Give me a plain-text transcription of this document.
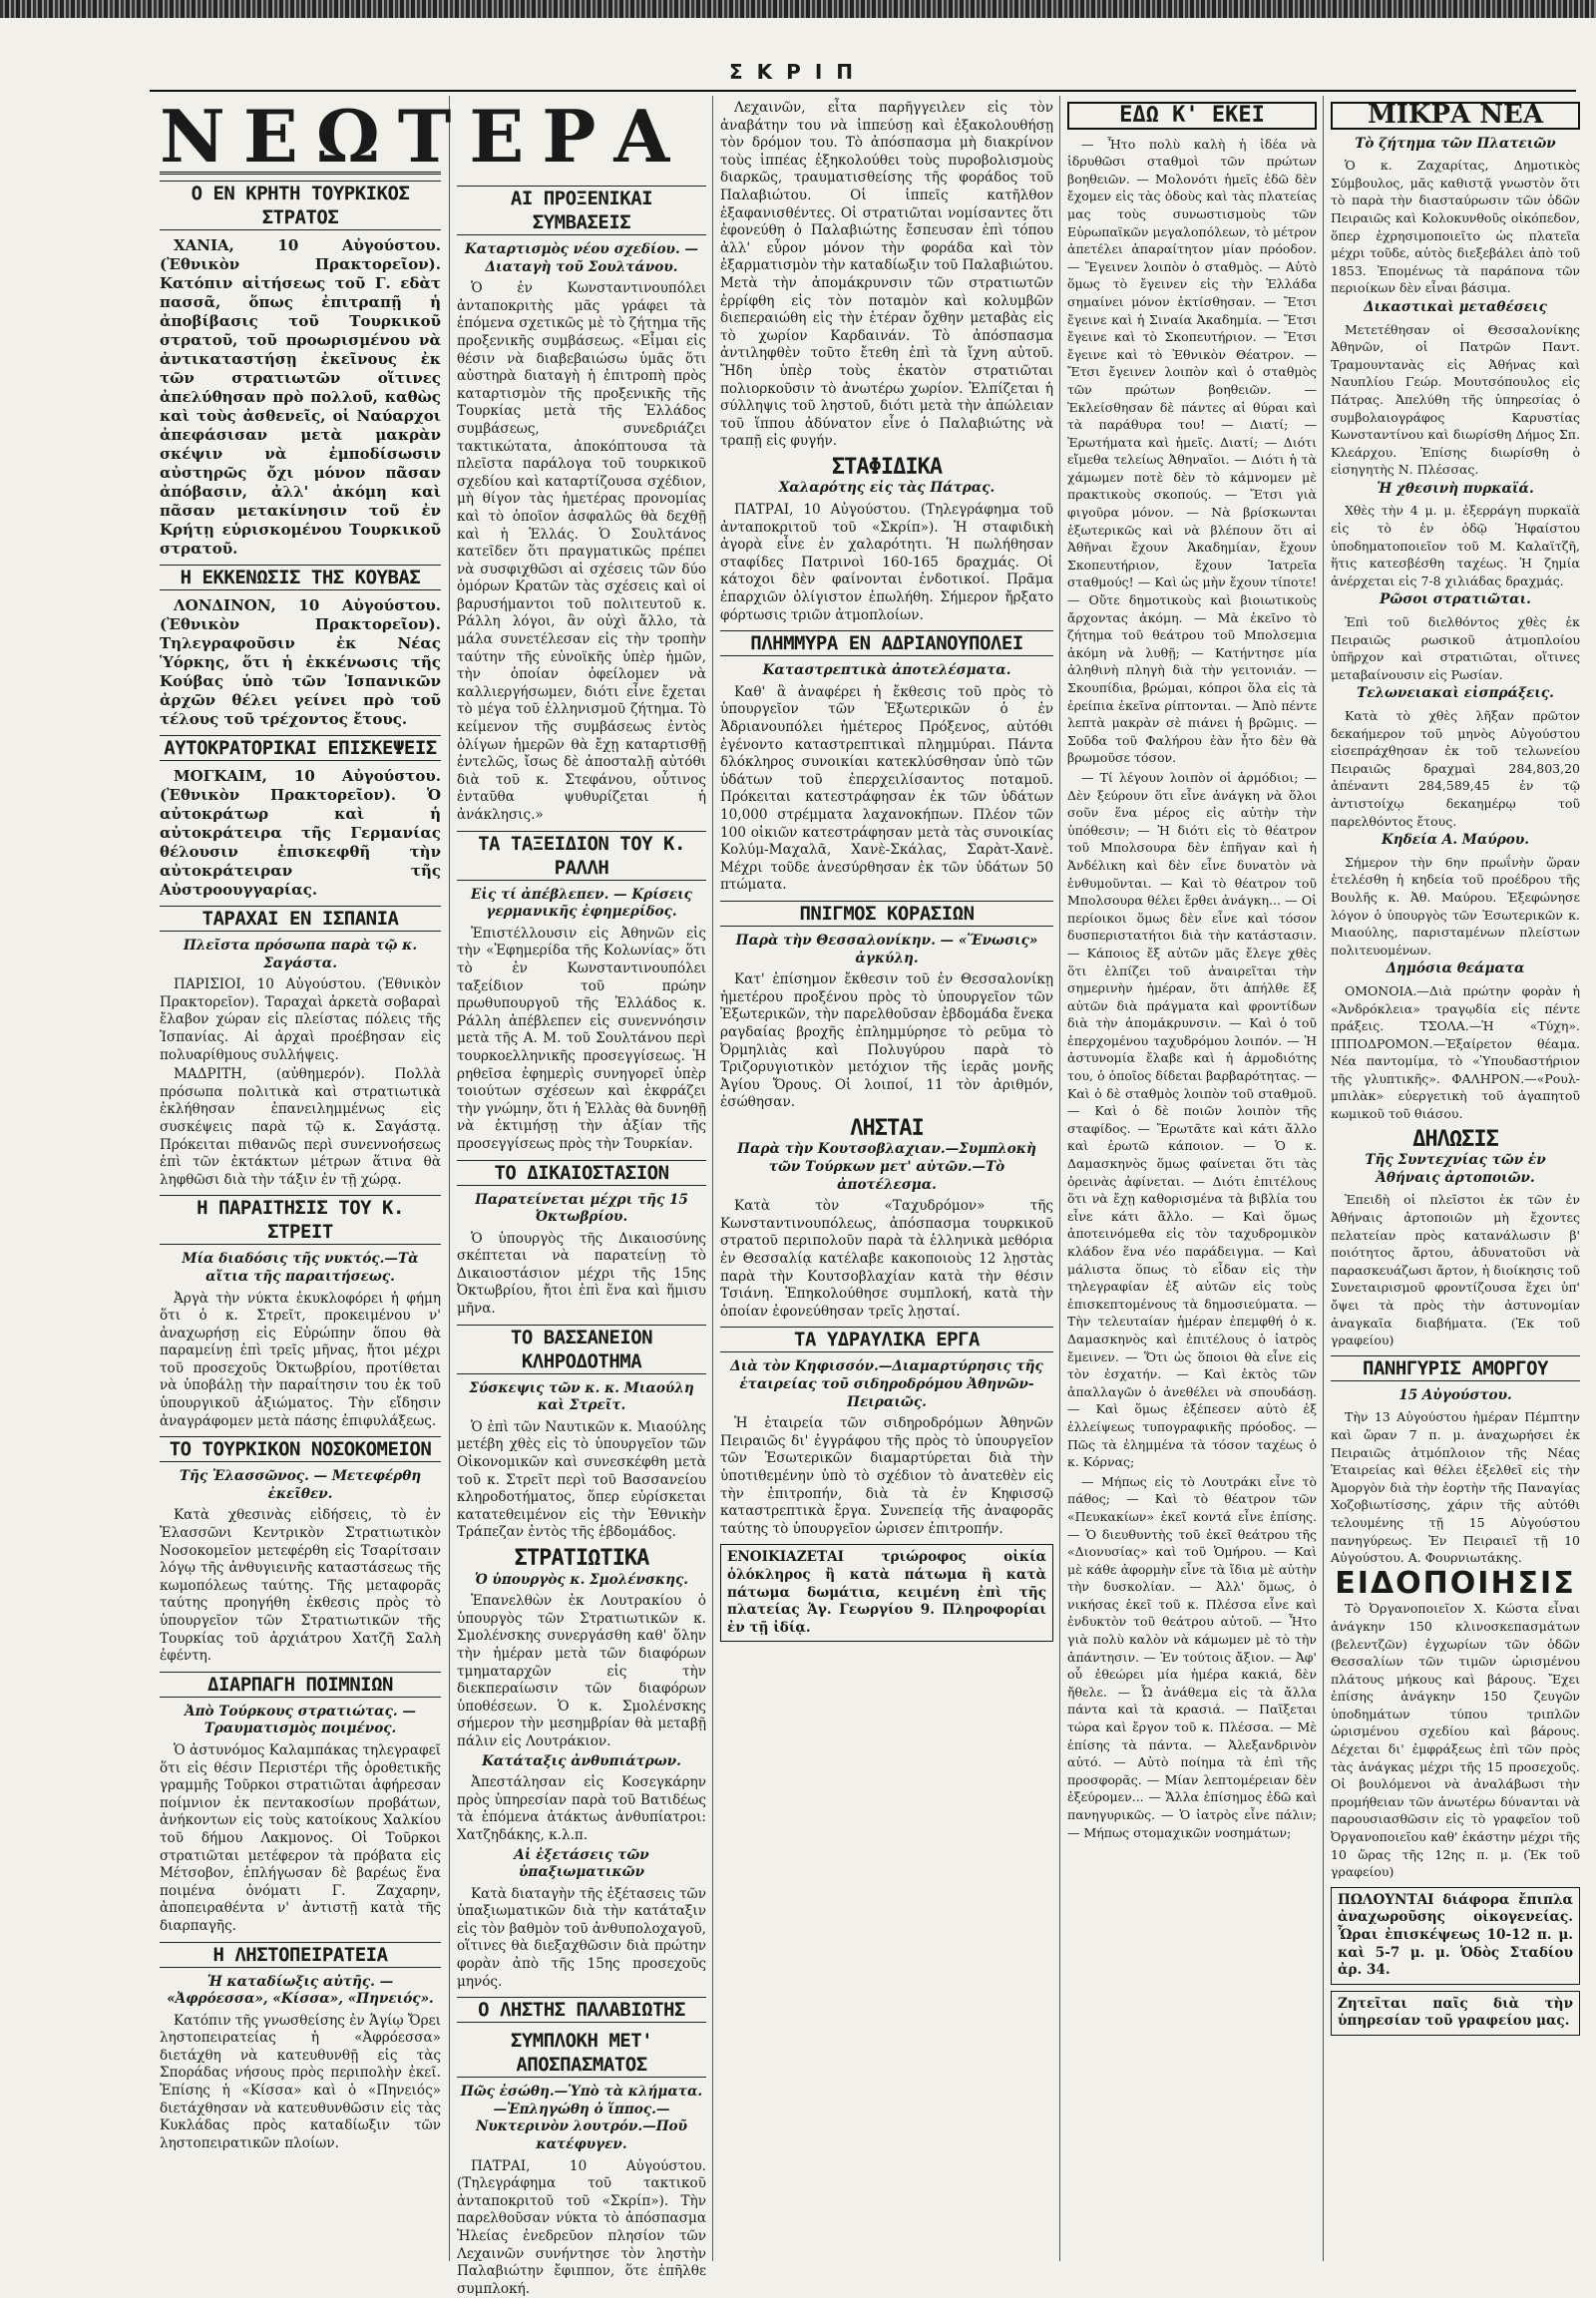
ΣΚΡΙΠ
ΝΕΩΤΕΡΑ
Ο ΕΝ ΚΡΗΤΗ ΤΟΥΡΚΙΚΟΣ ΣΤΡΑΤΟΣ

ΧΑΝΙΑ, 10 Αὐγούστου. (Ἐθνικὸν Πρακτορεῖον). Κατόπιν αἰτήσεως τοῦ Γ. εδὰτ πασσᾶ, ὅπως ἐπιτραπῇ ἡ ἀποβίβασις τοῦ Τουρκικοῦ στρατοῦ, τοῦ προωρισμένου νὰ ἀντικαταστήσῃ ἐκεῖνους ἐκ τῶν στρατιωτῶν οἵτινες ἀπελύθησαν πρὸ πολλοῦ, καθὼς καὶ τοὺς ἀσθενεῖς, οἱ Ναύαρχοι ἀπεφάσισαν μετὰ μακρὰν σκέψιν νὰ ἐμποδίσωσιν αὐστηρῶς ὄχι μόνον πᾶσαν ἀπόβασιν, ἀλλ' ἀκόμη καὶ πᾶσαν μετακίνησιν τοῦ ἐν Κρήτῃ εὑρισκομένου Τουρκικοῦ στρατοῦ.

Η ΕΚΚΕΝΩΣΙΣ ΤΗΣ ΚΟΥΒΑΣ

ΛΟΝΔΙΝΟΝ, 10 Αὐγούστου. (Ἐθνικὸν Πρακτορεῖον). Τηλεγραφοῦσιν ἐκ Νέας Ὑόρκης, ὅτι ἡ ἐκκένωσις τῆς Κούβας ὑπὸ τῶν Ἱσπανικῶν ἀρχῶν θέλει γείνει πρὸ τοῦ τέλους τοῦ τρέχοντος ἔτους.

ΑΥΤΟΚΡΑΤΟΡΙΚΑΙ ΕΠΙΣΚΕΨΕΙΣ

ΜΟΓΚΑΙΜ, 10 Αὐγούστου. (Ἐθνικὸν Πρακτορεῖον). Ὁ αὐτοκράτωρ καὶ ἡ αὐτοκράτειρα τῆς Γερμανίας θέλουσιν ἐπισκεφθῆ τὴν αὐτοκράτειραν τῆς Αὐστροουγγαρίας.

ΤΑΡΑΧΑΙ ΕΝ ΙΣΠΑΝΙΑ
Πλεῖστα πρόσωπα παρὰ τῷ κ. Σαγάστα.

ΠΑΡΙΣΙΟΙ, 10 Αὐγούστου. (Ἐθνικὸν Πρακτορεῖον). Ταραχαὶ ἀρκετὰ σοβαραὶ ἔλαβον χώραν εἰς πλείστας πόλεις τῆς Ἱσπανίας. Αἱ ἀρχαὶ προέβησαν εἰς πολυαρίθμους συλλήψεις.

ΜΑΔΡΙΤΗ, (αὐθημερόν). Πολλὰ πρόσωπα πολιτικὰ καὶ στρατιωτικὰ ἐκλήθησαν ἐπανειλημμένως εἰς συσκέψεις παρὰ τῷ κ. Σαγάστᾳ. Πρόκειται πιθανῶς περὶ συνεννοήσεως ἐπὶ τῶν ἐκτάκτων μέτρων ἅτινα θὰ ληφθῶσι διὰ τὴν τάξιν ἐν τῇ χώρᾳ.

Η ΠΑΡΑΙΤΗΣΙΣ ΤΟΥ Κ. ΣΤΡΕΙΤ
Μία διαδόσις τῆς νυκτός.—Τὰ αἴτια τῆς παραιτήσεως.

Ἀργὰ τὴν νύκτα ἐκυκλοφόρει ἡ φήμη ὅτι ὁ κ. Στρεῖτ, προκειμένου ν' ἀναχωρήσῃ εἰς Εὐρώπην ὅπου θὰ παραμείνῃ ἐπὶ τρεῖς μῆνας, ἤτοι μέχρι τοῦ προσεχοῦς Ὀκτωβρίου, προτίθεται νὰ ὑποβάλῃ τὴν παραίτησιν του ἐκ τοῦ ὑπουργικοῦ ἀξιώματος. Τὴν εἴδησιν ἀναγράφομεν μετὰ πάσης ἐπιφυλάξεως.

ΤΟ ΤΟΥΡΚΙΚΟΝ ΝΟΣΟΚΟΜΕΙΟΝ
Τῆς Ἐλασσῶνος. — Μετεφέρθη ἐκεῖθεν.

Κατὰ χθεσινὰς εἰδήσεις, τὸ ἐν Ἐλασσῶνι Κεντρικὸν Στρατιωτικὸν Νοσοκομεῖον μετεφέρθη εἰς Τσαρίτσαιν λόγῳ τῆς ἀνθυγιεινῆς καταστάσεως τῆς κωμοπόλεως ταύτης. Τῆς μεταφορᾶς ταύτης προηγήθη ἐκθεσις πρὸς τὸ ὑπουργεῖον τῶν Στρατιωτικῶν τῆς Τουρκίας τοῦ ἀρχιάτρου Χατζῆ Σαλὴ ἐφέντη.

ΔΙΑΡΠΑΓΗ ΠΟΙΜΝΙΩΝ
Ἀπὸ Τούρκους στρατιώτας. — Τραυματισμὸς ποιμένος.

Ὁ ἀστυνόμος Καλαμπάκας τηλεγραφεῖ ὅτι εἰς θέσιν Περιστέρι τῆς ὁροθετικῆς γραμμῆς Τοῦρκοι στρατιῶται ἀφήρεσαν ποίμνιον ἐκ πεντακοσίων προβάτων, ἀνήκοντων εἰς τοὺς κατοίκους Χαλκίου τοῦ δήμου Λακμονος. Οἱ Τοῦρκοι στρατιῶται μετέφερον τὰ πρόβατα εἰς Μέτσοβον, ἐπλήγωσαν δὲ βαρέως ἕνα ποιμένα ὀνόματι Γ. Ζαχαρην, ἀποπειραθέντα ν' ἀντιστῇ κατὰ τῆς διαρπαγῆς.

Η ΛΗΣΤΟΠΕΙΡΑΤΕΙΑ
Ἡ καταδίωξις αὐτῆς. — «Ἀφρόεσσα», «Κίσσα», «Πηνειός».

Κατόπιν τῆς γνωσθείσης ἐν Ἁγίῳ Ὄρει ληστοπειρατείας ἡ «Ἀφρόεσσα» διετάχθη νὰ κατευθυνθῇ εἰς τὰς Σποράδας νήσους πρὸς περιπολὴν ἐκεῖ. Ἐπίσης ἡ «Κίσσα» καὶ ὁ «Πηνειός» διετάχθησαν νὰ κατευθυνθῶσιν εἰς τὰς Κυκλάδας πρὸς καταδίωξιν τῶν ληστοπειρατικῶν πλοίων.

ΑΙ ΠΡΟΞΕΝΙΚΑΙ ΣΥΜΒΑΣΕΙΣ
Καταρτισμὸς νέου σχεδίου. — Διαταγὴ τοῦ Σουλτάνου.

Ὁ ἐν Κωνσταντινουπόλει ἀνταποκριτὴς μᾶς γράφει τὰ ἑπόμενα σχετικῶς μὲ τὸ ζήτημα τῆς προξενικῆς συμβάσεως. «Εἶμαι εἰς θέσιν νὰ διαβεβαιώσω ὑμᾶς ὅτι αὐστηρὰ διαταγὴ ἡ ἐπιτροπὴ πρὸς καταρτισμὸν τῆς προξενικῆς τῆς Τουρκίας μετὰ τῆς Ἑλλάδος συμβάσεως, συνεδριάζει τακτικώτατα, ἀποκόπτουσα τὰ πλεῖστα παράλογα τοῦ τουρκικοῦ σχεδίου καὶ καταρτίζουσα σχέδιον, μὴ θίγον τὰς ἡμετέρας προνομίας καὶ τὸ ὁποῖον ἀσφαλῶς θὰ δεχθῇ καὶ ἡ Ἑλλάς. Ὁ Σουλτάνος κατεῖδεν ὅτι πραγματικῶς πρέπει νὰ συσφιχθῶσι αἱ σχέσεις τῶν δύο ὁμόρων Κρατῶν τὰς σχέσεις καὶ οἱ βαρυσήμαντοι τοῦ πολιτευτοῦ κ. Ράλλη λόγοι, ἂν οὐχὶ ἄλλο, τὰ μάλα συνετέλεσαν εἰς τὴν τροπὴν ταύτην τῆς εὐνοϊκῆς ὑπὲρ ἡμῶν, τὴν ὁποίαν ὀφείλομεν νὰ καλλιεργήσωμεν, διότι εἶνε ἔχεται τὸ μέγα τοῦ ἑλληνισμοῦ ζήτημα. Τὸ κείμενον τῆς συμβάσεως ἐντὸς ὀλίγων ἡμερῶν θὰ ἔχῃ καταρτισθῇ ἐντελῶς, ἴσως δὲ ἀποσταλῇ αὐτόθι διὰ τοῦ κ. Στεφάνου, οὗτινος ἐνταῦθα ψυθυρίζεται ἡ ἀνάκλησις.»

ΤΑ ΤΑΞΕΙΔΙΟΝ ΤΟΥ Κ. ΡΑΛΛΗ
Εἰς τί ἀπέβλεπεν. — Κρίσεις γερμανικῆς ἐφημερίδος.

Ἐπιστέλλουσιν εἰς Ἀθηνῶν εἰς τὴν «Ἐφημερίδα τῆς Κολωνίας» ὅτι τὸ ἐν Κωνσταντινουπόλει ταξείδιον τοῦ πρώην πρωθυπουργοῦ τῆς Ἑλλάδος κ. Ράλλη ἀπέβλεπεν εἰς συνεννόησιν μετὰ τῆς Α. Μ. τοῦ Σουλτάνου περὶ τουρκοελληνικῆς προσεγγίσεως. Ἡ ρηθεῖσα ἐφημερὶς συνηγορεῖ ὑπὲρ τοιούτων σχέσεων καὶ ἐκφράζει τὴν γνώμην, ὅτι ἡ Ἑλλὰς θὰ δυνηθῇ νὰ ἐκτιμήσῃ τὴν ἀξίαν τῆς προσεγγίσεως πρὸς τὴν Τουρκίαν.

ΤΟ ΔΙΚΑΙΟΣΤΑΣΙΟΝ
Παρατείνεται μέχρι τῆς 15 Ὀκτωβρίου.

Ὁ ὑπουργὸς τῆς Δικαιοσύνης σκέπτεται νὰ παρατείνῃ τὸ Δικαιοστάσιον μέχρι τῆς 15ης Ὀκτωβρίου, ἤτοι ἐπὶ ἕνα καὶ ἥμισυ μῆνα.

ΤΟ ΒΑΣΣΑΝΕΙΟΝ ΚΛΗΡΟΔΟΤΗΜΑ
Σύσκεψις τῶν κ. κ. Μιαούλη καὶ Στρεῖτ.

Ὁ ἐπὶ τῶν Ναυτικῶν κ. Μιαούλης μετέβη χθὲς εἰς τὸ ὑπουργεῖον τῶν Οἰκονομικῶν καὶ συνεσκέφθη μετὰ τοῦ κ. Στρεῖτ περὶ τοῦ Βασσανείου κληροδοτήματος, ὅπερ εὑρίσκεται κατατεθειμένον εἰς τὴν Ἐθνικὴν Τράπεζαν ἐντὸς τῆς ἑβδομάδος.

ΣΤΡΑΤΙΩΤΙΚΑ
Ὁ ὑπουργὸς κ. Σμολένσκης.

Ἐπανελθὼν ἐκ Λουτρακίου ὁ ὑπουργὸς τῶν Στρατιωτικῶν κ. Σμολένσκης συνεργάσθη καθ' ὅλην τὴν ἡμέραν μετὰ τῶν διαφόρων τμηματαρχῶν εἰς τὴν διεκπεραίωσιν τῶν διαφόρων ὑποθέσεων. Ὁ κ. Σμολένσκης σήμερον τὴν μεσημβρίαν θὰ μεταβῇ πάλιν εἰς Λουτράκιον.

Κατάταξις ἀνθυπιάτρων.

Ἀπεστάλησαν εἰς Κοσεγκάρην πρὸς ὑπηρεσίαν παρὰ τοῦ Βατιδέως τὰ ἑπόμενα ἀτάκτως ἀνθυπίατροι: Χατζηδάκης, κ.λ.π.

Αἱ ἐξετάσεις τῶν ὑπαξιωματικῶν

Κατὰ διαταγὴν τῆς ἐξέτασεις τῶν ὑπαξιωματικῶν διὰ τὴν κατάταξιν εἰς τὸν βαθμὸν τοῦ ἀνθυπολοχαγοῦ, οἵτινες θὰ διεξαχθῶσιν διὰ πρώτην φορὰν ἀπὸ τῆς 15ης προσεχοῦς μηνός.

Ο ΛΗΣΤΗΣ ΠΑΛΑΒΙΩΤΗΣ
ΣΥΜΠΛΟΚΗ ΜΕΤ' ΑΠΟΣΠΑΣΜΑΤΟΣ
Πῶς ἐσώθη.—Ὑπὸ τὰ κλήματα.—Ἐπληγώθη ὁ ἵππος.—Νυκτερινὸν λουτρόν.—Ποῦ κατέφυγεν.

ΠΑΤΡΑΙ, 10 Αὐγούστου. (Τηλεγράφημα τοῦ τακτικοῦ ἀνταποκριτοῦ τοῦ «Σκρίπ»). Τὴν παρελθοῦσαν νύκτα τὸ ἀπόσπασμα Ἡλείας ἐνεδρεῦον πλησίον τῶν Λεχαινῶν συνήντησε τὸν ληστὴν Παλαβιώτην ἔφιππον, ὅτε ἐπῆλθε συμπλοκή.

Λεχαινῶν, εἶτα παρῆγγειλεν εἰς τὸν ἀναβάτην του νὰ ἱππεύσῃ καὶ ἐξακολουθήσῃ τὸν δρόμον του. Τὸ ἀπόσπασμα μὴ διακρίνον τοὺς ἱππέας ἐξηκολούθει τοὺς πυροβολισμοὺς διαρκῶς, τραυματισθείσης τῆς φοράδος τοῦ Παλαβιώτου. Οἱ ἱππεῖς κατῆλθον ἐξαφανισθέντες. Οἱ στρατιῶται νομίσαντες ὅτι ἐφονεύθη ὁ Παλαβιώτης ἔσπευσαν ἐπὶ τόπου ἀλλ' εὗρον μόνον τὴν φοράδα καὶ τὸν ἐξαρματισμὸν τὴν καταδίωξιν τοῦ Παλαβιώτου. Μετὰ τὴν ἀπομάκρυνσιν τῶν στρατιωτῶν ἐρρίφθη εἰς τὸν ποταμὸν καὶ κολυμβῶν διεπεραιώθη εἰς τὴν ἑτέραν ὄχθην μεταβὰς εἰς τὸ χωρίον Καρδαινάν. Τὸ ἀπόσπασμα ἀντιληφθὲν τοῦτο ἔτεθη ἐπὶ τὰ ἴχνη αὐτοῦ. Ἤδη ὑπὲρ τοὺς ἑκατὸν στρατιῶται πολιορκοῦσιν τὸ ἀνωτέρω χωρίον. Ἐλπίζεται ἡ σύλληψις τοῦ ληστοῦ, διότι μετὰ τὴν ἀπώλειαν τοῦ ἵππου ἀδύνατον εἶνε ὁ Παλαβιώτης νὰ τραπῇ εἰς φυγήν.

ΣΤΑΦΙΔΙΚΑ
Χαλαρότης εἰς τὰς Πάτρας.

ΠΑΤΡΑΙ, 10 Αὐγούστου. (Τηλεγράφημα τοῦ ἀνταποκριτοῦ τοῦ «Σκρίπ»). Ἡ σταφιδικὴ ἀγορὰ εἶνε ἐν χαλαρότητι. Ἡ πωλήθησαν σταφίδες Πατρινοὶ 160-165 δραχμάς. Οἱ κάτοχοι δὲν φαίνονται ἐνδοτικοί. Πρᾶμα ἐπαρχιῶν ὀλίγιστον ἐπωλήθη. Σήμερον ἤρξατο φόρτωσις τριῶν ἀτμοπλοίων.

ΠΛΗΜΜΥΡΑ ΕΝ ΑΔΡΙΑΝΟΥΠΟΛΕΙ
Καταστρεπτικὰ ἀποτελέσματα.

Καθ' ἃ ἀναφέρει ἡ ἔκθεσις τοῦ πρὸς τὸ ὑπουργεῖον τῶν Ἐξωτερικῶν ὁ ἐν Ἀδριανουπόλει ἡμέτερος Πρόξενος, αὐτόθι ἐγένοντο καταστρεπτικαὶ πλημμύραι. Πάντα δλόκληρος συνοικίαι κατεκλύσθησαν ὑπὸ τῶν ὑδάτων τοῦ ἐπερχειλίσαντος ποταμοῦ. Πρόκειται κατεστράφησαν ἐκ τῶν ὑδάτων 10,000 στρέμματα λαχανοκήπων. Πλέον τῶν 100 οἰκιῶν κατεστράφησαν μετὰ τὰς συνοικίας Κολύμ-Μαχαλᾶ, Χανὲ-Σκάλας, Σαρὰτ-Χανὲ. Μέχρι τοῦδε ἀνεσύρθησαν ἐκ τῶν ὑδάτων 50 πτώματα.

ΠΝΙΓΜΟΣ ΚΟΡΑΣΙΩΝ
Παρὰ τὴν Θεσσαλονίκην. — «Ἕνωσις» ἀγκύλη.

Κατ' ἐπίσημον ἔκθεσιν τοῦ ἐν Θεσσαλονίκῃ ἡμετέρου προξένου πρὸς τὸ ὑπουργεῖον τῶν Ἐξωτερικῶν, τὴν παρελθοῦσαν ἑβδομάδα ἕνεκα ραγδαίας βροχῆς ἐπλημμύρησε τὸ ρεῦμα τὸ Ὀρμηλιὰς καὶ Πολυγύρου παρὰ τὸ Τριζορυγιοτικὸν μετόχιον τῆς ἱερᾶς μονῆς Ἀγίου Ὄρους. Οἱ λοιποί, 11 τὸν ἀριθμόν, ἐσώθησαν.

ΛΗΣΤΑΙ
Παρὰ τὴν Κουτσοβλαχιαν.—Συμπλοκὴ τῶν Τούρκων μετ' αὐτῶν.—Τὸ ἀποτέλεσμα.

Κατὰ τὸν «Ταχυδρόμον» τῆς Κωνσταντινουπόλεως, ἀπόσπασμα τουρκικοῦ στρατοῦ περιπολοῦν παρὰ τὰ ἑλληνικὰ μεθόρια ἐν Θεσσαλίᾳ κατέλαβε κακοποιοὺς 12 λῃστὰς παρὰ τὴν Κουτσοβλαχίαν κατὰ τὴν θέσιν Τσιάνη. Ἐπηκολούθησε συμπλοκή, κατὰ τὴν ὁποίαν ἐφονεύθησαν τρεῖς λῃσταί.

ΤΑ ΥΔΡΑΥΛΙΚΑ ΕΡΓΑ
Διὰ τὸν Κηφισσόν.—Διαμαρτύρησις τῆς ἑταιρείας τοῦ σιδηροδρόμου Ἀθηνῶν-Πειραιῶς.

Ἡ ἑταιρεία τῶν σιδηροδρόμων Ἀθηνῶν Πειραιῶς δι' ἐγγράφου τῆς πρὸς τὸ ὑπουργεῖον τῶν Ἐσωτερικῶν διαμαρτύρεται διὰ τὴν ὑποτιθεμένην ὑπὸ τὸ σχέδιον τὸ ἀνατεθὲν εἰς τὴν ἐπιτροπήν, διὰ τὰ ἐν Κηφισσῷ καταστρεπτικὰ ἔργα. Συνεπείᾳ τῆς ἀναφορᾶς ταύτης τὸ ὑπουργεῖον ὡρισεν ἐπιτροπήν.

ΕΝΟΙΚΙΑΖΕΤΑΙ τριώροφος οἰκία ὁλόκληρος ἢ κατὰ πάτωμα ἢ κατὰ πάτωμα δωμάτια, κειμένη ἐπὶ τῆς πλατείας Ἁγ. Γεωργίου 9. Πληροφορίαι ἐν τῇ ἰδίᾳ.
ΕΔΩ Κ' ΕΚΕΙ

— Ἦτο πολὺ καλὴ ἡ ἰδέα νὰ ἱδρυθῶσι σταθμοὶ τῶν πρώτων βοηθειῶν. — Μολονότι ἡμεῖς ἐδῶ δὲν ἔχομεν εἰς τὰς ὁδοὺς καὶ τὰς πλατείας μας τοὺς συνωστισμοὺς τῶν Εὐρωπαϊκῶν μεγαλοπόλεων, τὸ μέτρον ἀπετέλει ἀπαραίτητον μίαν πρόοδον. — Ἔγεινεν λοιπὸν ὁ σταθμὸς. — Αὐτὸ ὅμως τὸ ἔγεινεν εἰς τὴν Ἑλλάδα σημαίνει μόνον ἐκτίσθησαν. — Ἔτσι ἔγεινε καὶ ἡ Σιναία Ἀκαδημία. — Ἔτσι ἔγεινε καὶ τὸ Σκοπευτήριον. — Ἔτσι ἔγεινε καὶ τὸ Ἐθνικὸν Θέατρον. — Ἔτσι ἔγεινεν λοιπὸν καὶ ὁ σταθμὸς τῶν πρώτων βοηθειῶν. — Ἐκλείσθησαν δὲ πάντες αἱ θύραι καὶ τὰ παράθυρα του! — Διατί; — Ἐρωτήματα καὶ ἡμεῖς. Διατί; — Διότι εἴμεθα τελείως Ἀθηναῖοι. — Διότι ἡ τὰ χάμωμεν ποτὲ δὲν τὸ κάμνομεν μὲ πρακτικοὺς σκοπούς. — Ἔτσι γιὰ φιγοῦρα μόνον. — Νὰ βρίσκωνται ἐξωτερικῶς καὶ νὰ βλέπουν ὅτι αἱ Ἀθῆναι ἔχουν Ἀκαδημίαν, ἔχουν Σκοπευτήριον, ἔχουν Ἰατρεῖα σταθμούς! — Καὶ ὡς μὴν ἔχουν τίποτε! — Οὔτε δημοτικοὺς καὶ βιοιωτικοὺς ἄρχοντας ἀκόμη. — Μὰ ἐκεῖνο τὸ ζήτημα τοῦ θεάτρου τοῦ Μπολσεμια ἀκόμη νὰ λυθῇ; — Κατήντησε μία ἀληθινὴ πληγὴ διὰ τὴν γειτονιάν. — Σκουπίδια, βρώμαι, κόπροι ὅλα εἰς τὰ ἐρείπια ἐκεῖνα ρίπτονται. — Ἀπὸ πέντε λεπτὰ μακρὰν σὲ πιάνει ἡ βρῶμις. — Σοῦδα τοῦ Φαλήρου ἐὰν ἦτο δὲν θὰ βρωμοῦσε τόσον.

— Τί λέγουν λοιπὸν οἱ ἁρμόδιοι; — Δὲν ξεύρουν ὅτι εἶνε ἀνάγκη νὰ ὅλοι σοῦν ἕνα μέρος εἰς αὐτὴν τὴν ὑπόθεσιν; — Ἡ διότι εἰς τὸ θέατρον τοῦ Μπολσουρα δὲν ἐπῆγαν καὶ ἡ Ἀνδέλικη καὶ δὲν εἶνε δυνατὸν νὰ ἐνθυμοῦνται. — Καὶ τὸ θέατρον τοῦ Μπολσουρα θέλει ἔρθει ἀνάγκη... — Οἱ περίοικοι ὅμως δὲν εἶνε καὶ τόσον δυσπεριστατήτοι διὰ τὴν κατάστασιν. — Κάποιος ἔξ αὐτῶν μᾶς ἔλεγε χθὲς ὅτι ἐλπίζει τοῦ ἀναιρεῖται τὴν σημερινὴν ἡμέραν, ὅτι ἀπήλθε ἔξ αὐτῶν διὰ πράγματα καὶ φροντίδων διὰ τὴν ἀπομάκρυνσιν. — Καὶ ὁ τοῦ ἐπερχομένου ταχυδρόμου λοιπόν. — Ἡ ἀστυνομία ἔλαβε καὶ ἡ ἁρμοδιότης του, ὁ ὁποῖος δίδεται βαρβαρότητας. — Καὶ ὁ δὲ σταθμὸς λοιπὸν τοῦ σταθμοῦ. — Καὶ ὁ δὲ ποιῶν λοιπὸν τῆς σταφίδος. — Ἔρωτᾶτε καὶ κάτι ἄλλο καὶ ἐρωτῶ κάποιον. — Ὁ κ. Δαμασκηνὸς ὅμως φαίνεται ὅτι τὰς ὀρεινὰς ἀφίνεται. — Διότι ἐπιτέλους ὅτι νὰ ἔχῃ καθορισμένα τὰ βιβλία του εἶνε κάτι ἄλλο. — Καὶ ὅμως ἀποτεινόμεθα εἰς τὸν ταχυδρομικὸν κλάδον ἕνα νέο παράδειγμα. — Καὶ μάλιστα ὅπως τὸ εἶδαν εἰς τὴν τηλεγραφίαν ἐξ αὐτῶν εἰς τοὺς ἐπισκεπτομένους τὰ δημοσιεύματα. — Τὴν τελευταίαν ἡμέραν ἐπεμφθή ὁ κ. Δαμασκηνὸς καὶ ἐπιτέλους ὁ ἰατρὸς ἔμεινεν. — Ὅτι ὡς ὅποιοι θὰ εἶνε εἰς τὸν ἐσχατήν. — Καὶ ἐκτὸς τῶν ἀπαλλαγῶν ὁ ἀνεθέλει νὰ σπουδάσῃ. — Καὶ ὅμως ἐξέπεσεν αὐτὸ ἐξ ἐλλείψεως τυπογραφικῆς πρόοδος. — Πῶς τὰ ἐλημμένα τὰ τόσον ταχέως ὁ κ. Κόρνας;

— Μήπως εἰς τὸ Λουτράκι εἶνε τὸ πάθος; — Καὶ τὸ θέατρον τῶν «Πευκακίων» ἐκεῖ κοντά εἶνε ἐπίσης. — Ὁ διευθυντὴς τοῦ ἐκεῖ θεάτρου τῆς «Διονυσίας» καὶ τοῦ Ὁμήρου. — Καὶ μὲ κάθε ἀφορμὴν εἶνε τὰ ἴδια μὲ αὐτὴν τὴν δυσκολίαν. — Ἀλλ' ὅμως, ὁ νικήσας ἐκεῖ τοῦ κ. Πλέσσα εἶνε καὶ ἐνδυκτὸν τοῦ θεάτρου αὐτοῦ. — Ἦτο γιὰ πολὺ καλὸν νὰ κάμωμεν μὲ τὸ τὴν ἀπάντησιν. — Ἐν τούτοις ἄξιον. — Ἀφ' οὗ ἐθεώρει μία ἡμέρα κακιά, δὲν ἤθελε. — Ὦ ἀνάθεμα εἰς τὰ ἄλλα πάντα καὶ τὰ κρασιά. — Παῖξεται τώρα καὶ ἔργον τοῦ κ. Πλέσσα. — Μὲ ἐπίσης τὰ πάντα. — Ἀλεξανδρινὸν αὐτό. — Αὐτὸ ποίημα τὰ ἐπὶ τῆς προσφορᾶς. — Μίαν λεπτομέρειαν δὲν ἐξεύρομεν... — Ἄλλα ἐπίσημος ἐδῶ καὶ πανηγυρικῶς. — Ὁ ἰατρὸς εἶνε πάλιν; — Μήπως στομαχικῶν νοσημάτων;

ΜΙΚΡΑ ΝΕΑ
Τὸ ζήτημα τῶν Πλατειῶν

Ὁ κ. Ζαχαρίτας, Δημοτικὸς Σύμβουλος, μᾶς καθιστᾷ γνωστὸν ὅτι τὸ παρὰ τὴν διασταύρωσιν τῶν ὁδῶν Πειραιῶς καὶ Κολοκυνθοῦς οἰκόπεδον, ὅπερ ἐχρησιμοποιεῖτο ὡς πλατεῖα μέχρι τοῦδε, αὐτὸς διεξεβάλει ἀπὸ τοῦ 1853. Ἐπομένως τὰ παράπονα τῶν περιοίκων δὲν εἶναι βάσιμα.

Δικαστικαὶ μεταθέσεις

Μετετέθησαν οἱ Θεσσαλονίκης Ἀθηνῶν, οἱ Πατρῶν Παντ. Τραμουντανὰς εἰς Ἀθήνας καὶ Ναυπλίου Γεώρ. Μουτσόπουλος εἰς Πάτρας. Ἀπελύθη τῆς ὑπηρεσίας ὁ συμβολαιογράφος Καρυστίας Κωνσταντίνου καὶ διωρίσθη Δήμος Σπ. Κλεάρχου. Ἐπίσης διωρίσθη ὁ εἰσηγητὴς Ν. Πλέσσας.

Ἡ χθεσινὴ πυρκαϊά.

Χθὲς τὴν 4 μ. μ. ἐξερράγη πυρκαϊὰ εἰς τὸ ἐν ὁδῷ Ἡφαίστου ὑποδηματοποιεῖον τοῦ Μ. Καλαϊτζῆ, ἥτις κατεσβέσθη ταχέως. Ἡ ζημία ἀνέρχεται εἰς 7-8 χιλιάδας δραχμάς.

Ρῶσοι στρατιῶται.

Ἐπὶ τοῦ διελθόντος χθὲς ἐκ Πειραιῶς ρωσικοῦ ἀτμοπλοίου ὑπῆρχον καὶ στρατιῶται, οἵτινες μεταβαίνουσιν εἰς Ρωσίαν.

Τελωνειακαὶ εἰσπράξεις.

Κατὰ τὸ χθὲς λῆξαν πρῶτον δεκαήμερον τοῦ μηνὸς Αὐγούστου εἰσεπράχθησαν ἐκ τοῦ τελωνείου Πειραιῶς δραχμαὶ 284,803,20 ἀπέναντι 284,589,45 ἐν τῷ ἀντιστοίχῳ δεκαημέρῳ τοῦ παρελθόντος ἔτους.

Κηδεία Α. Μαύρου.

Σήμερον τὴν 6ην πρωΐνὴν ὥραν ἐτελέσθη ἡ κηδεία τοῦ προέδρου τῆς Βουλῆς κ. Ἀθ. Μαύρου. Ἐξεφώνησε λόγον ὁ ὑπουργὸς τῶν Ἐσωτερικῶν κ. Μιαούλης, παρισταμένων πλείστων πολιτευομένων.

Δημόσια θεάματα

ΟΜΟΝΟΙΑ.—Διὰ πρώτην φορὰν ἡ «Ἀνδρόκλεια» τραγῳδία εἰς πέντε πράξεις. ΤΣΟΛΑ.—Ἡ «Τύχη». ΙΠΠΟΔΡΟΜΟΝ.—Ἐξαίρετον θέαμα. Νέα παντομίμα, τὸ «Ὑπουδαστήριον τῆς γλυπτικῆς». ΦΑΛΗΡΟΝ.—«Ρουλ-μπιλὰκ» εὐεργετικὴ τοῦ ἀγαπητοῦ κωμικοῦ τοῦ θιάσου.

ΔΗΛΩΣΙΣ
Τῆς Συντεχνίας τῶν ἐν Ἀθήναις ἀρτοποιῶν.

Ἐπειδὴ οἱ πλεῖστοι ἐκ τῶν ἐν Ἀθήναις ἀρτοποιῶν μὴ ἔχοντες πελατείαν πρὸς κατανάλωσιν β' ποιότητος ἄρτου, ἀδυνατοῦσι νὰ παρασκευάζωσι ἄρτον, ἡ διοίκησις τοῦ Συνεταιρισμοῦ φροντίζουσα ἔχει ὑπ' ὄψει τὰ πρὸς τὴν ἀστυνομίαν ἀναγκαῖα διαβήματα. (Ἐκ τοῦ γραφείου)

ΠΑΝΗΓΥΡΙΣ ΑΜΟΡΓΟΥ
15 Αὐγούστου.

Τὴν 13 Αὐγούστου ἡμέραν Πέμπτην καὶ ὥραν 7 π. μ. ἀναχωρήσει ἐκ Πειραιῶς ἀτμόπλοιον τῆς Νέας Ἑταιρείας καὶ θέλει ἐξελθεῖ εἰς τὴν Ἀμοργὸν διὰ τὴν ἑορτὴν τῆς Παναγίας Χοζοβιωτίσσης, χάριν τῆς αὐτόθι τελουμένης τῇ 15 Αὐγούστου πανηγύρεως. Ἐν Πειραιεῖ τῇ 10 Αὐγούστου. Α. Φουρνιωτάκης.

ΕΙΔΟΠΟΙΗΣΙΣ

Τὸ Ὀργανοποιεῖον Χ. Κώστα εἶναι ἀνάγκην 150 κλινοσκεπασμάτων (βελεντζῶν) ἐγχωρίων τῶν ὁδῶν Θεσσαλίων τῶν τιμῶν ὡρισμένου πλάτους μήκους καὶ βάρους. Ἔχει ἐπίσης ἀνάγκην 150 ζευγῶν ὑποδημάτων τύπου τριπλῶν ὡρισμένου σχεδίου καὶ βάρους. Δέχεται δι' ἐμφράξεως ἐπὶ τῶν πρὸς τὰς ἀνάγκας μέχρι τῆς 15 προσεχοῦς. Οἱ βουλόμενοι νὰ ἀναλάβωσι τὴν προμήθειαν τῶν ἀνωτέρω δύνανται νὰ παρουσιασθῶσιν εἰς τὸ γραφεῖον τοῦ Ὀργανοποιεῖου καθ' ἑκάστην μέχρι τῆς 10 ὥρας τῆς 12ης π. μ. (Ἐκ τοῦ γραφείου)

ΠΩΛΟΥΝΤΑΙ διάφορα ἔπιπλα ἀναχωροῦσης οἰκογενείας. Ὧραι ἐπισκέψεως 10-12 π. μ. καὶ 5-7 μ. μ. Ὁδὸς Σταδίου ἀρ. 34.
Ζητεῖται παῖς διὰ τὴν ὑπηρεσίαν τοῦ γραφείου μας.
